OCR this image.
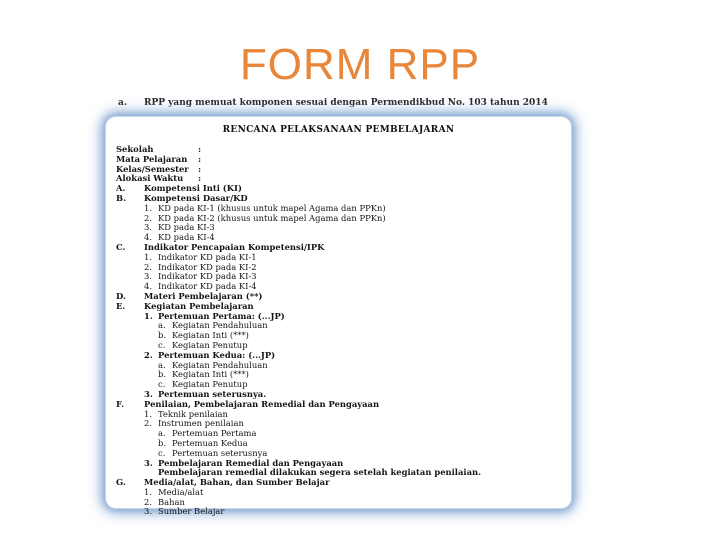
FORM RPP
a. RPP yang memuat komponen sesuai dengan Permendikbud No. 103 tahun 2014
RENCANA PELAKSANAAN PEMBELAJARAN
Sekolah	:
Mata Pelajaran	:
Kelas/Semester	:
Alokasi Waktu	:
A.	Kompetensi Inti (KI)
B.	Kompetensi Dasar/KD
1. KD pada KI-1 (khusus untuk mapel Agama dan PPKn)
2. KD pada KI-2 (khusus untuk mapel Agama dan PPKn)
3. KD pada KI-3
4. KD pada KI-4
C.	Indikator Pencapaian Kompetensi/IPK
1. Indikator KD pada KI-1
2. Indikator KD pada KI-2
3. Indikator KD pada KI-3
4. Indikator KD pada KI-4
D.	Materi Pembelajaran (**)
E.	Kegiatan Pembelajaran
1. Pertemuan Pertama: (...JP)
a. Kegiatan Pendahuluan
b. Kegiatan Inti (***)
c. Kegiatan Penutup
2. Pertemuan Kedua: (...JP)
a. Kegiatan Pendahuluan
b. Kegiatan Inti (***)
c. Kegiatan Penutup
3. Pertemuan seterusnya.
F.	Penilaian, Pembelajaran Remedial dan Pengayaan
1. Teknik penilaian
2. Instrumen penilaian
a. Pertemuan Pertama
b. Pertemuan Kedua
c. Pertemuan seterusnya
3. Pembelajaran Remedial dan Pengayaan
Pembelajaran remedial dilakukan segera setelah kegiatan penilaian.
G.	Media/alat, Bahan, dan Sumber Belajar
1. Media/alat
2. Bahan
3. Sumber Belajar
